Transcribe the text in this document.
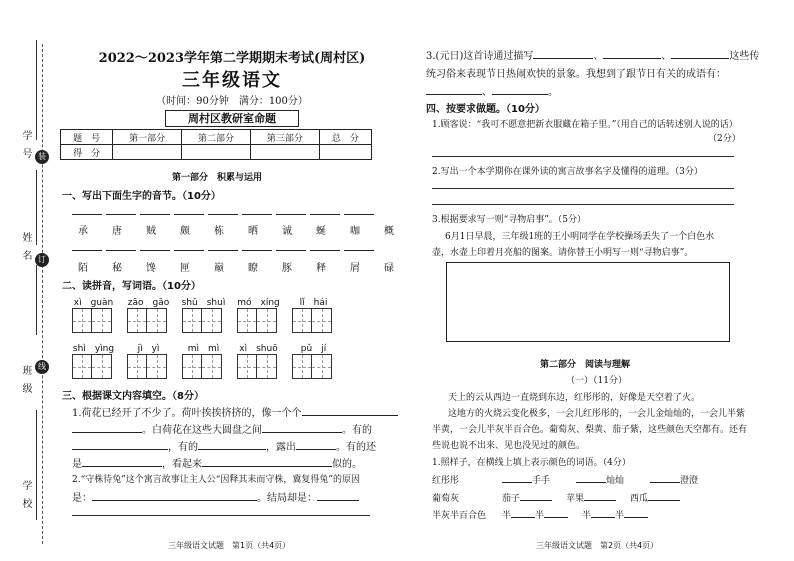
学号
姓名
班级
学校
装
订
线
2022～2023学年第二学期期末考试(周村区)
三年级语文
（时间：90分钟　满分：100分）
周村区教研室命题
题　号	第一部分	第二部分	第三部分	总　分
得　分				
第一部分　积累与运用
一、写出下面生字的音节。（10分）
承	唐	贼	颇	栋	晒	诚	蜒	咖	概
陌	秘	馋	匣	巅	瞭	豚	释	屑	碌
二、读拼音，写词语。（10分）
xì　guàn	zāo　gāo	shǔ　shuì	mó　xíng	lǐ　hái
shì　yìng	jì　yì	mì　mì	xì　shuō	pǔ　jí
三、根据课文内容填空。（8分）
1.荷花已经开了不少了。荷叶挨挨挤挤的，像一个个
。白荷花在这些大圆盘之间	。有的
，有的	，露出	。有的还
是	，看起来	似的。
2.“守株待兔”这个寓言故事让主人公“因释其耒而守株，冀复得兔”的原因
是：	。结局却是：
三年级语文试题　第1页（共4页）
3.(元日)这首诗通过描写	、	、	这些传
统习俗来表现节日热闹欢快的景象。我想到了跟节日有关的成语有：
、	。
四、按要求做题。（10分）
1.顾客说：“我可不愿意把新衣服藏在箱子里。”（用自己的话转述别人说的话）
（2分）
2.写出一个本学期你在课外读的寓言故事名字及懂得的道理。（3分）
3.根据要求写一则“寻物启事”。（5分）
6月1日早晨，三年级1班的王小明同学在学校操场丢失了一个白色水
壶，水壶上印着月亮船的图案。请你替王小明写一则“寻物启事”。
第二部分　阅读与理解
（一）（11分）
天上的云从西边一直烧到东边，红彤彤的，好像是天空着了火。
这地方的火烧云变化极多，一会儿红彤彤的，一会儿金灿灿的，一会儿半紫
半黄，一会儿半灰半百合色。葡萄灰、梨黄、茄子紫，这些颜色天空都有。还有
些说也说不出来、见也没见过的颜色。
1.照样子，在横线上填上表示颜色的词语。（4分）
红彤彤	手手	灿灿	澄澄
葡萄灰	茄子	苹果	西瓜
半灰半百合色 半	半	半	半
三年级语文试题　第2页（共4页）
